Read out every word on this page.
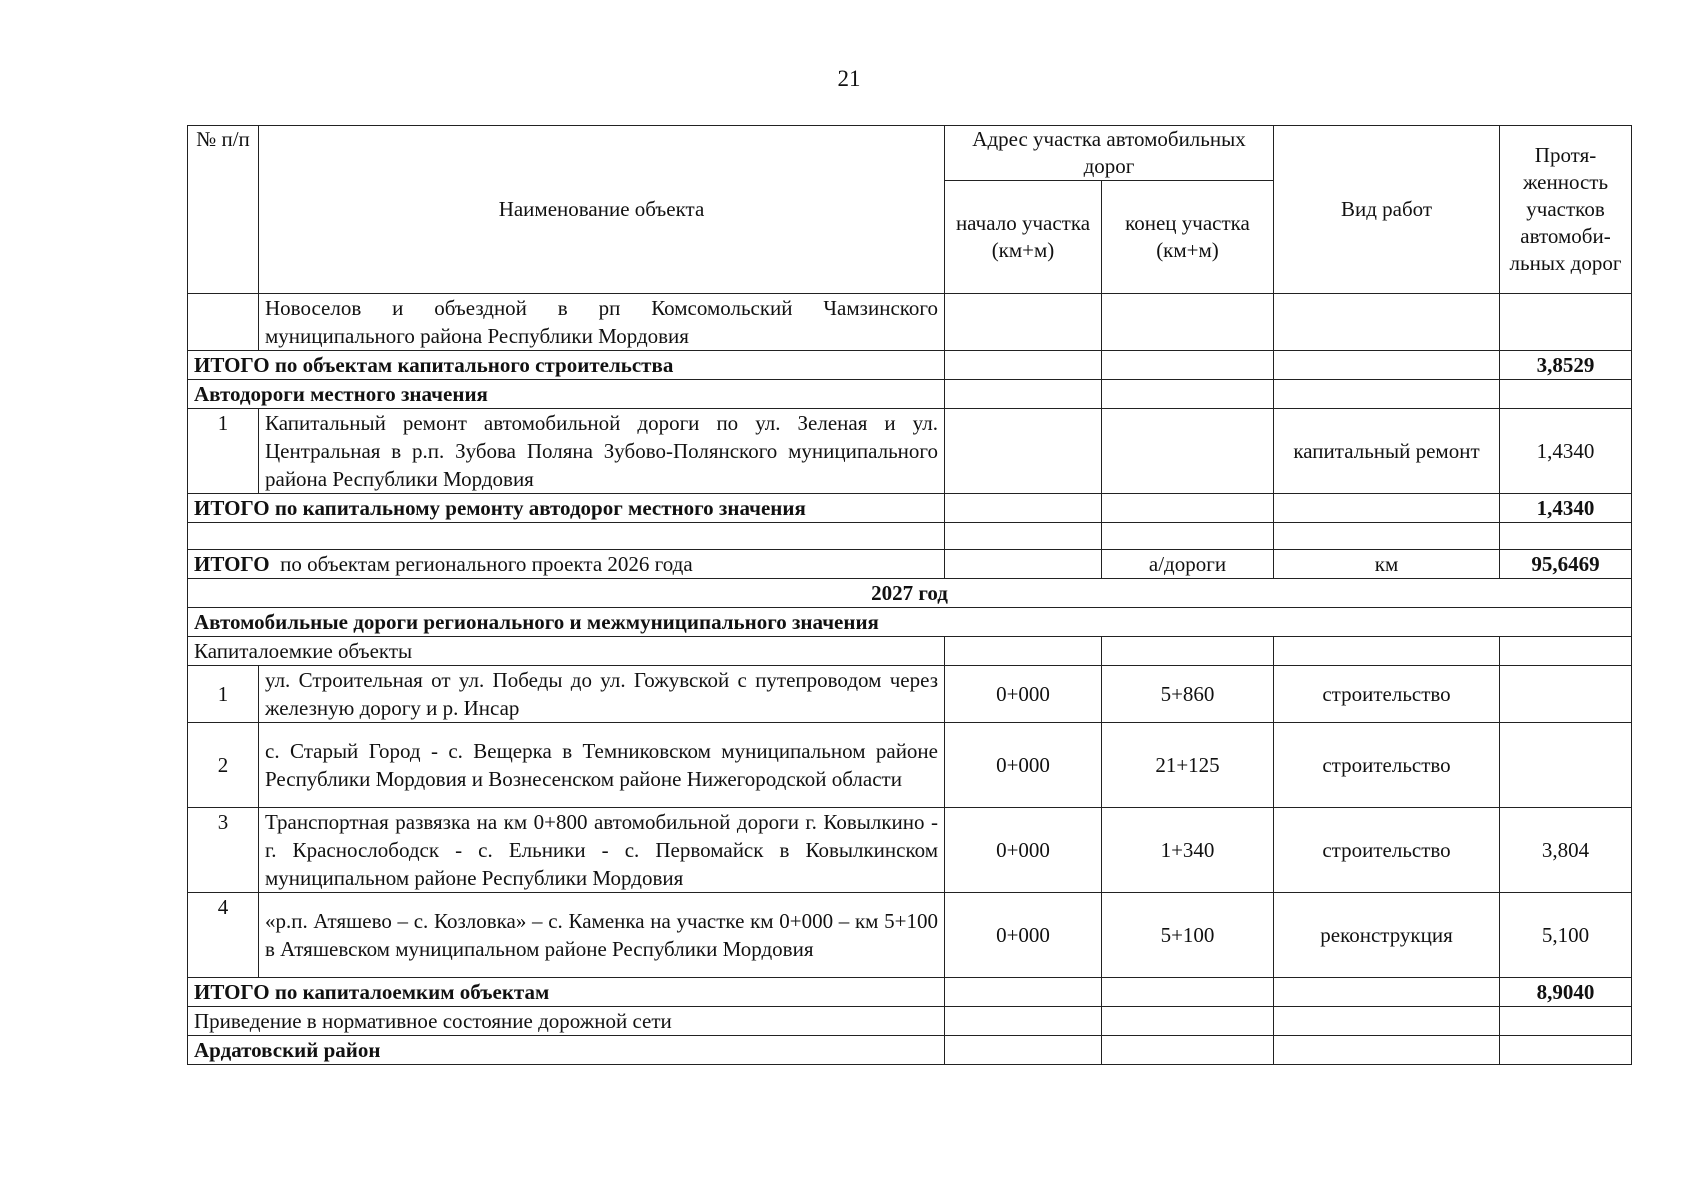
21
№ п/п	Наименование объекта	Адрес участка автомобильных дорог		Вид работ	Протя-женность участков автомоби-льных дорог
		начало участка (км+м)	конец участка (км+м)		
	Новоселов и объездной в рп Комсомольский Чамзинского муниципального района Республики Мордовия				
ИТОГО по объектам капитального строительства					3,8529
Автодороги местного значения					
1	Капитальный ремонт автомобильной дороги по ул. Зеленая и ул. Центральная в р.п. Зубова Поляна Зубово-Полянского муниципального района Республики Мордовия			капитальный ремонт	1,4340
ИТОГО по капитальному ремонту автодорог местного значения					1,4340

ИТОГО по объектам регионального проекта 2026 года			а/дороги	км	95,6469
2027 год					
Автомобильные дороги регионального и межмуниципального значения					
Капиталоемкие объекты					
1	ул. Строительная от ул. Победы до ул. Гожувской с путепроводом через железную дорогу и р. Инсар	0+000	5+860	строительство	
2	с. Старый Город - с. Вещерка в Темниковском муниципальном районе Республики Мордовия и Вознесенском районе Нижегородской области	0+000	21+125	строительство	
3	Транспортная развязка на км 0+800 автомобильной дороги г. Ковылкино - г. Краснослободск - с. Ельники - с. Первомайск в Ковылкинском муниципальном районе Республики Мордовия	0+000	1+340	строительство	3,804
4	«р.п. Атяшево – с. Козловка» – с. Каменка на участке км 0+000 – км 5+100 в Атяшевском муниципальном районе Республики Мордовия	0+000	5+100	реконструкция	5,100
ИТОГО по капиталоемким объектам					8,9040
Приведение в нормативное состояние дорожной сети					
Ардатовский район					
